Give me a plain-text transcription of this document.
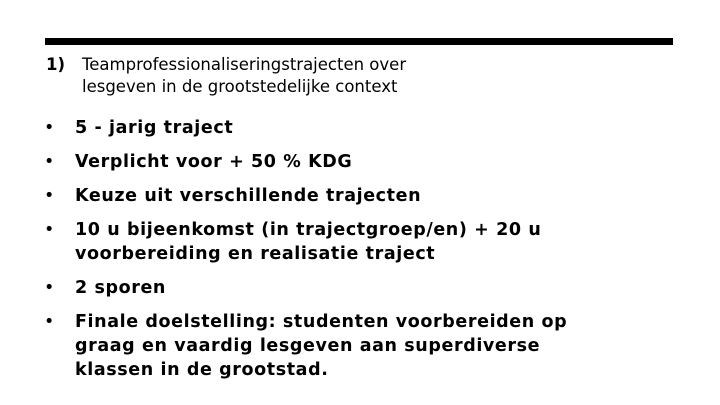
1) Teamprofessionaliseringstrajecten over
lesgeven in de grootstedelijke context
• 5 - jarig traject
• Verplicht voor + 50 % KDG
• Keuze uit verschillende trajecten
• 10 u bijeenkomst (in trajectgroep/en) + 20 u
voorbereiding en realisatie traject
• 2 sporen
• Finale doelstelling: studenten voorbereiden op
graag en vaardig lesgeven aan superdiverse
klassen in de grootstad.
